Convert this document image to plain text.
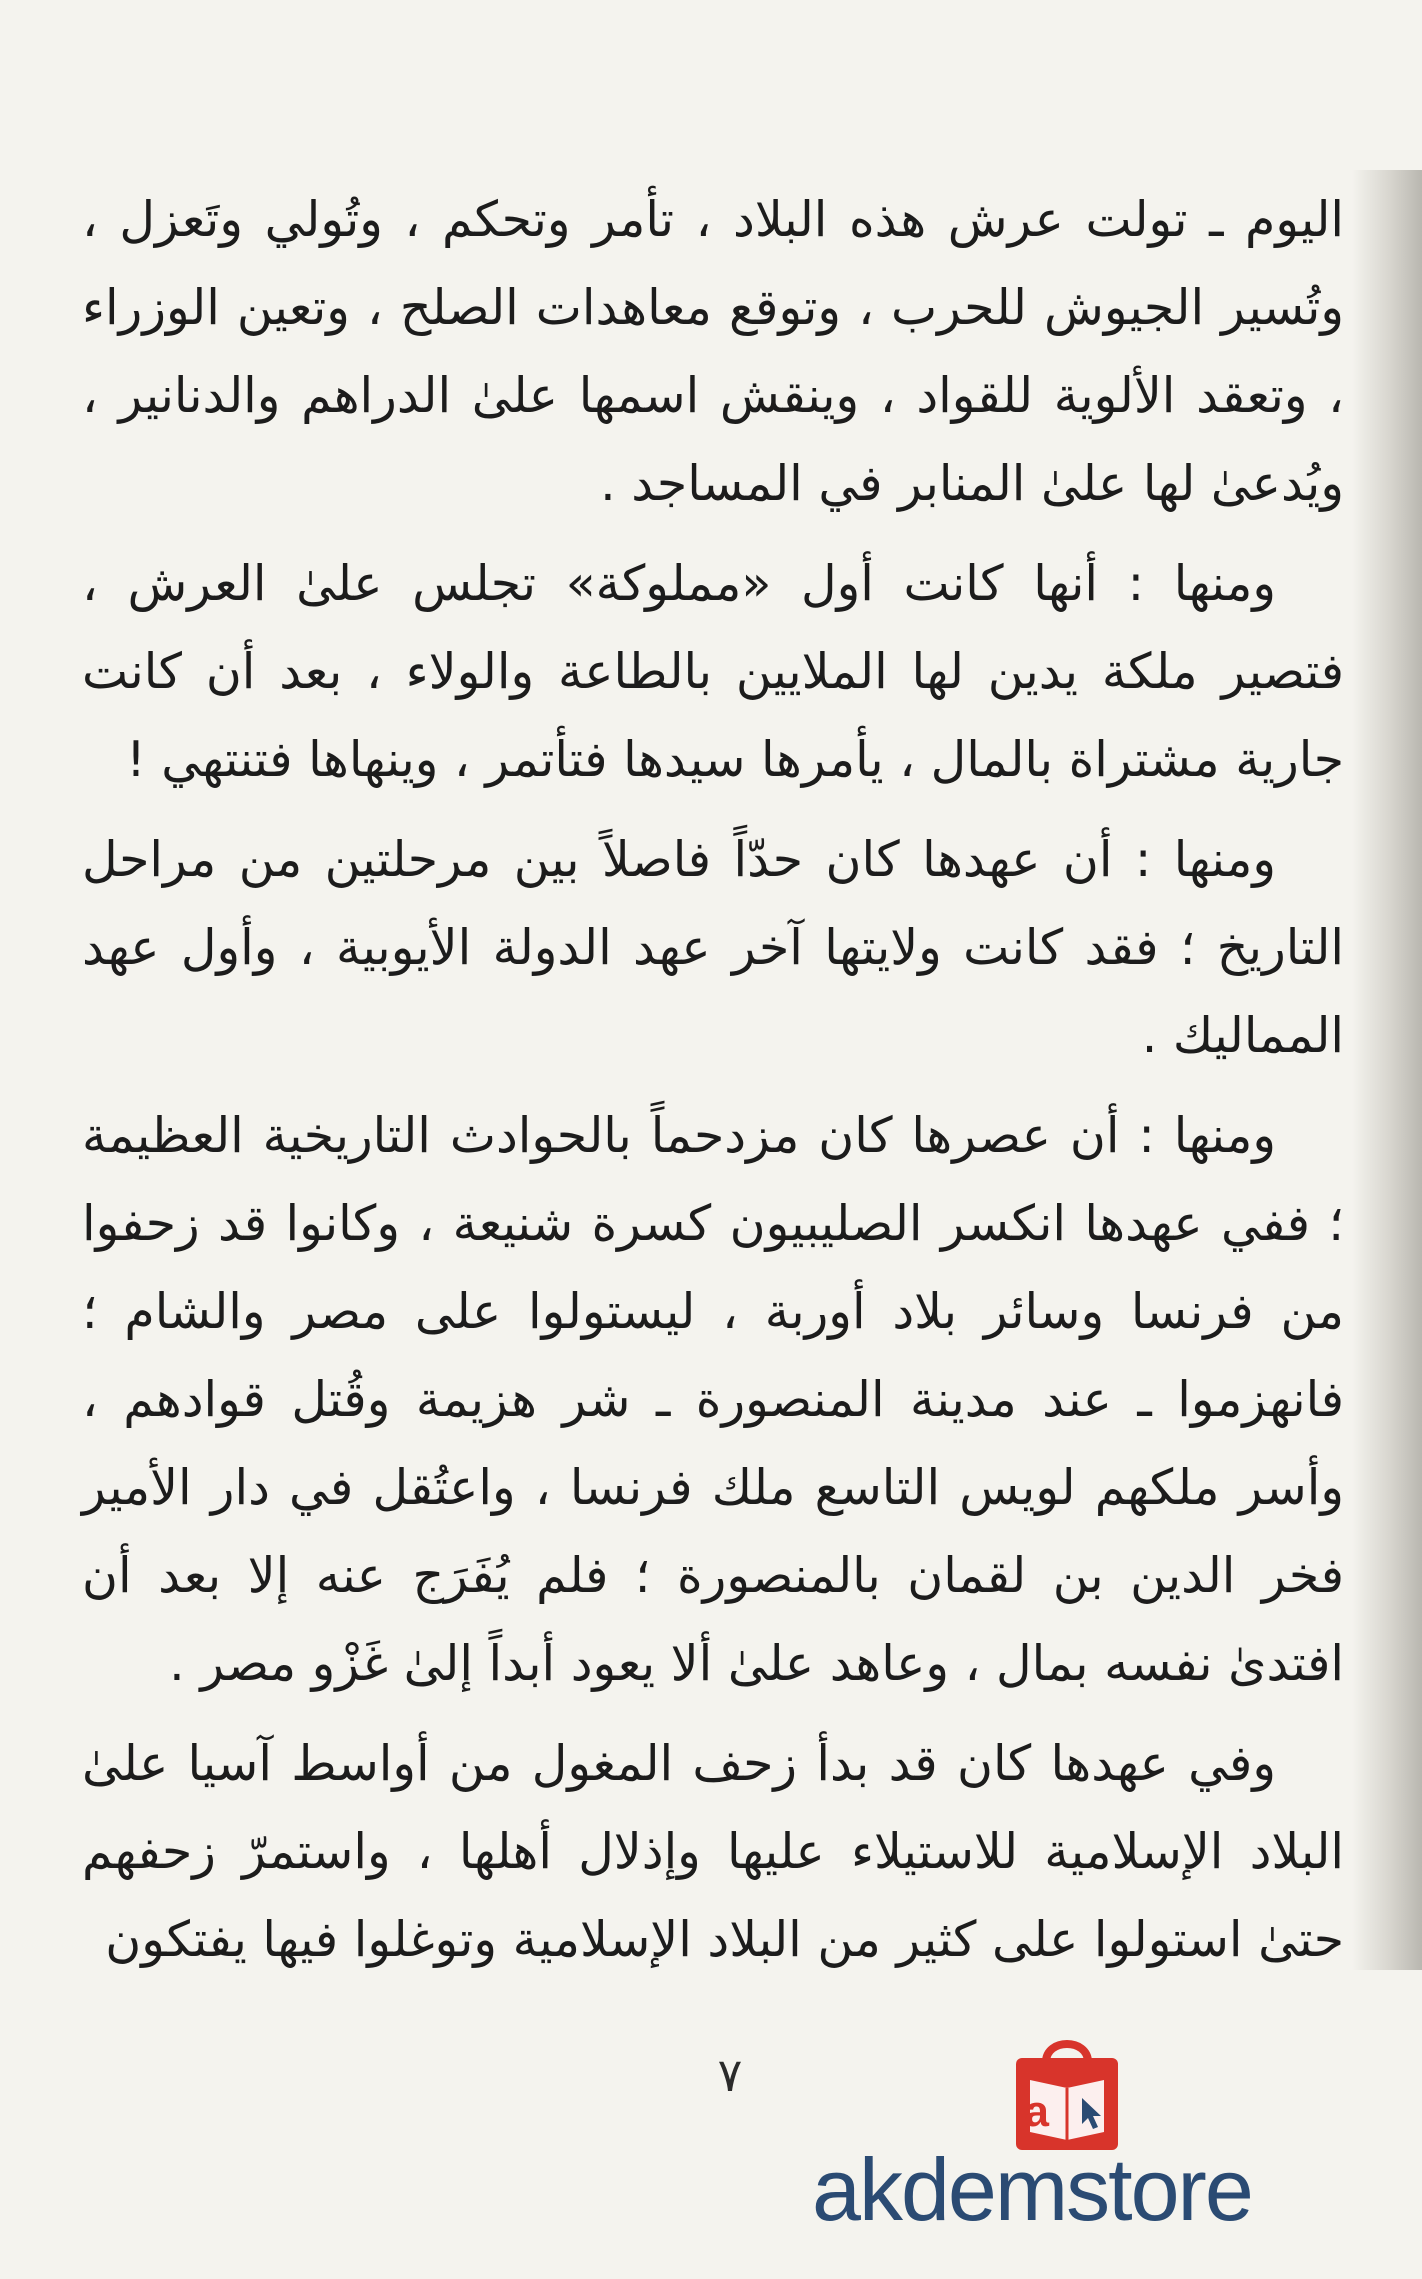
اليوم ـ تولت عرش هذه البلاد ، تأمر وتحكم ، وتُولي وتَعزل ، وتُسير الجيوش للحرب ، وتوقع معاهدات الصلح ، وتعين الوزراء ، وتعقد الألوية للقواد ، وينقش اسمها علىٰ الدراهم والدنانير ، ويُدعىٰ لها علىٰ المنابر في المساجد .

ومنها : أنها كانت أول «مملوكة» تجلس علىٰ العرش ، فتصير ملكة يدين لها الملايين بالطاعة والولاء ، بعد أن كانت جارية مشتراة بالمال ، يأمرها سيدها فتأتمر ، وينهاها فتنتهي !

ومنها : أن عهدها كان حدّاً فاصلاً بين مرحلتين من مراحل التاريخ ؛ فقد كانت ولايتها آخر عهد الدولة الأيوبية ، وأول عهد المماليك .

ومنها : أن عصرها كان مزدحماً بالحوادث التاريخية العظيمة ؛ ففي عهدها انكسر الصليبيون كسرة شنيعة ، وكانوا قد زحفوا من فرنسا وسائر بلاد أوربة ، ليستولوا على مصر والشام ؛ فانهزموا ـ عند مدينة المنصورة ـ شر هزيمة وقُتل قوادهم ، وأسر ملكهم لويس التاسع ملك فرنسا ، واعتُقل في دار الأمير فخر الدين بن لقمان بالمنصورة ؛ فلم يُفَرَج عنه إلا بعد أن افتدىٰ نفسه بمال ، وعاهد علىٰ ألا يعود أبداً إلىٰ غَزْو مصر .

وفي عهدها كان قد بدأ زحف المغول من أواسط آسيا علىٰ البلاد الإسلامية للاستيلاء عليها وإذلال أهلها ، واستمرّ زحفهم حتىٰ استولوا على كثير من البلاد الإسلامية وتوغلوا فيها يفتكون

٧
a
akdemstore
